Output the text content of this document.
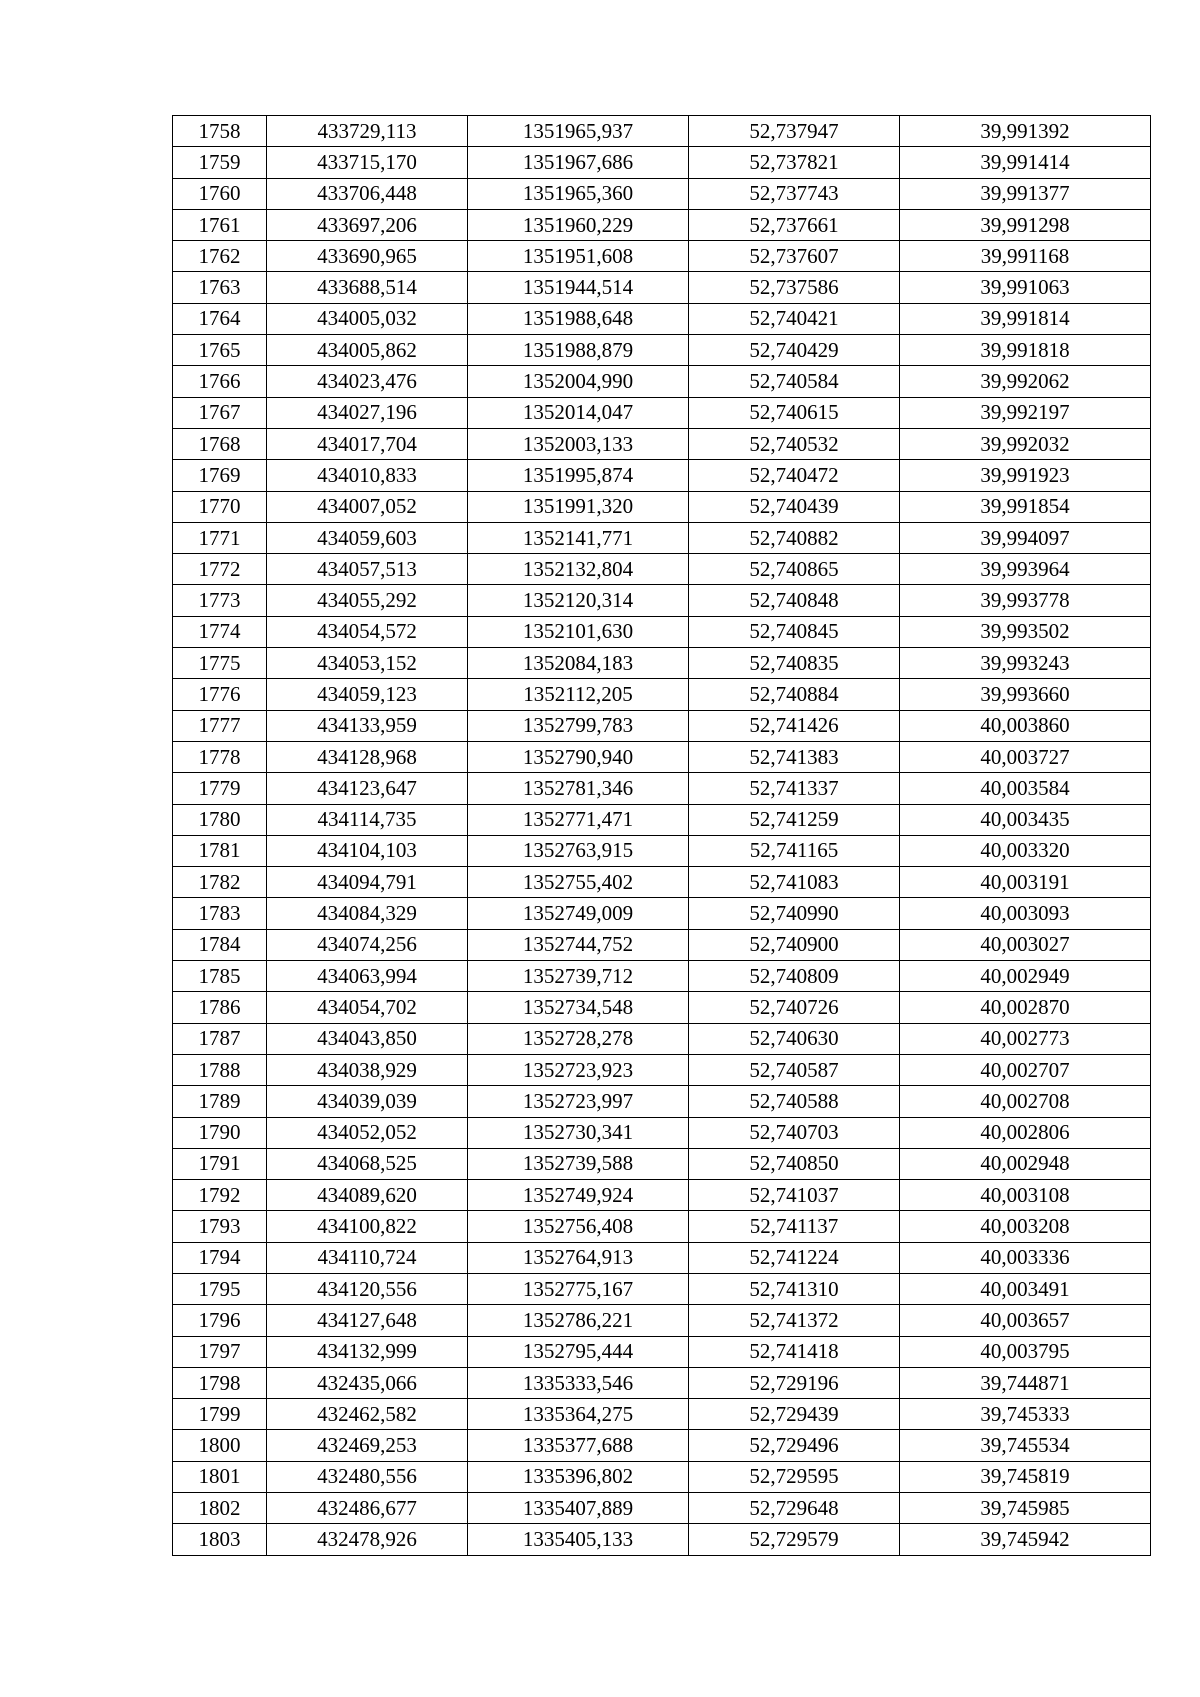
1758	433729,113	1351965,937	52,737947	39,991392
1759	433715,170	1351967,686	52,737821	39,991414
1760	433706,448	1351965,360	52,737743	39,991377
1761	433697,206	1351960,229	52,737661	39,991298
1762	433690,965	1351951,608	52,737607	39,991168
1763	433688,514	1351944,514	52,737586	39,991063
1764	434005,032	1351988,648	52,740421	39,991814
1765	434005,862	1351988,879	52,740429	39,991818
1766	434023,476	1352004,990	52,740584	39,992062
1767	434027,196	1352014,047	52,740615	39,992197
1768	434017,704	1352003,133	52,740532	39,992032
1769	434010,833	1351995,874	52,740472	39,991923
1770	434007,052	1351991,320	52,740439	39,991854
1771	434059,603	1352141,771	52,740882	39,994097
1772	434057,513	1352132,804	52,740865	39,993964
1773	434055,292	1352120,314	52,740848	39,993778
1774	434054,572	1352101,630	52,740845	39,993502
1775	434053,152	1352084,183	52,740835	39,993243
1776	434059,123	1352112,205	52,740884	39,993660
1777	434133,959	1352799,783	52,741426	40,003860
1778	434128,968	1352790,940	52,741383	40,003727
1779	434123,647	1352781,346	52,741337	40,003584
1780	434114,735	1352771,471	52,741259	40,003435
1781	434104,103	1352763,915	52,741165	40,003320
1782	434094,791	1352755,402	52,741083	40,003191
1783	434084,329	1352749,009	52,740990	40,003093
1784	434074,256	1352744,752	52,740900	40,003027
1785	434063,994	1352739,712	52,740809	40,002949
1786	434054,702	1352734,548	52,740726	40,002870
1787	434043,850	1352728,278	52,740630	40,002773
1788	434038,929	1352723,923	52,740587	40,002707
1789	434039,039	1352723,997	52,740588	40,002708
1790	434052,052	1352730,341	52,740703	40,002806
1791	434068,525	1352739,588	52,740850	40,002948
1792	434089,620	1352749,924	52,741037	40,003108
1793	434100,822	1352756,408	52,741137	40,003208
1794	434110,724	1352764,913	52,741224	40,003336
1795	434120,556	1352775,167	52,741310	40,003491
1796	434127,648	1352786,221	52,741372	40,003657
1797	434132,999	1352795,444	52,741418	40,003795
1798	432435,066	1335333,546	52,729196	39,744871
1799	432462,582	1335364,275	52,729439	39,745333
1800	432469,253	1335377,688	52,729496	39,745534
1801	432480,556	1335396,802	52,729595	39,745819
1802	432486,677	1335407,889	52,729648	39,745985
1803	432478,926	1335405,133	52,729579	39,745942
